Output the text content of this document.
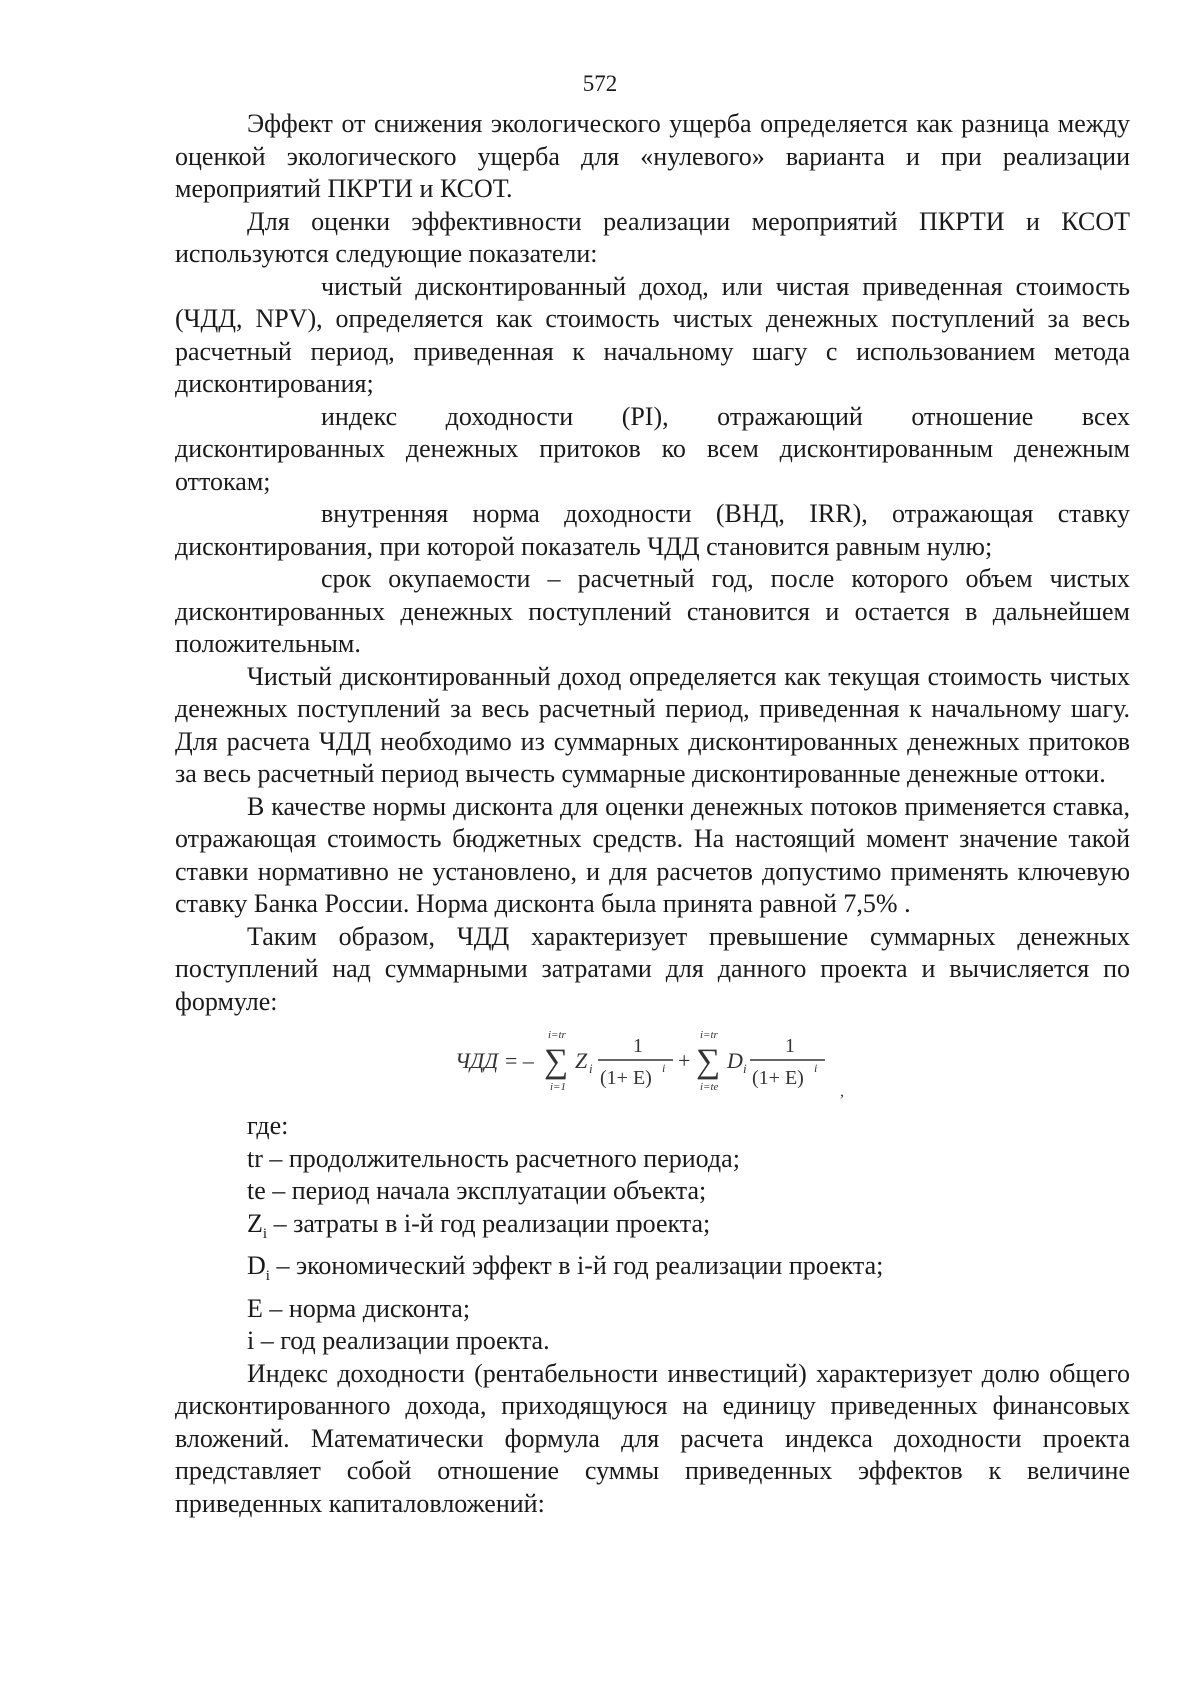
572

Эффект от снижения экологического ущерба определяется как разница между оценкой экологического ущерба для «нулевого» варианта и при реализации мероприятий ПКРТИ и КСОТ.

Для оценки эффективности реализации мероприятий ПКРТИ и КСОТ используются следующие показатели:

чистый дисконтированный доход, или чистая приведенная стоимость (ЧДД, NPV), определяется как стоимость чистых денежных поступлений за весь расчетный период, приведенная к начальному шагу с использованием метода дисконтирования;

индекс доходности (PI), отражающий отношение всех дисконтированных денежных притоков ко всем дисконтированным денежным оттокам;

внутренняя норма доходности (ВНД, IRR), отражающая ставку дисконтирования, при которой показатель ЧДД становится равным нулю;

срок окупаемости – расчетный год, после которого объем чистых дисконтированных денежных поступлений становится и остается в дальнейшем положительным.

Чистый дисконтированный доход определяется как текущая стоимость чистых денежных поступлений за весь расчетный период, приведенная к начальному шагу. Для расчета ЧДД необходимо из суммарных дисконтированных денежных притоков за весь расчетный период вычесть суммарные дисконтированные денежные оттоки.

В качестве нормы дисконта для оценки денежных потоков применяется ставка, отражающая стоимость бюджетных средств. На настоящий момент значение такой ставки нормативно не установлено, и для расчетов допустимо применять ключевую ставку Банка России. Норма дисконта была принята равной 7,5% .

Таким образом, ЧДД характеризует превышение суммарных денежных поступлений над суммарными затратами для данного проекта и вычисляется по формуле:

ЧДД = –
i=tr
∑
i=1
Z i
1
(1+ E) i +
i=tr
∑
i=te
D i
1
(1+ E) i
,

где:

tr – продолжительность расчетного периода;

te – период начала эксплуатации объекта;

$Z_i$ – затраты в i-й год реализации проекта;

$D_i$ – экономический эффект в i-й год реализации проекта;

E – норма дисконта;

i – год реализации проекта.

Индекс доходности (рентабельности инвестиций) характеризует долю общего дисконтированного дохода, приходящуюся на единицу приведенных финансовых вложений. Математически формула для расчета индекса доходности проекта представляет собой отношение суммы приведенных эффектов к величине приведенных капиталовложений:
